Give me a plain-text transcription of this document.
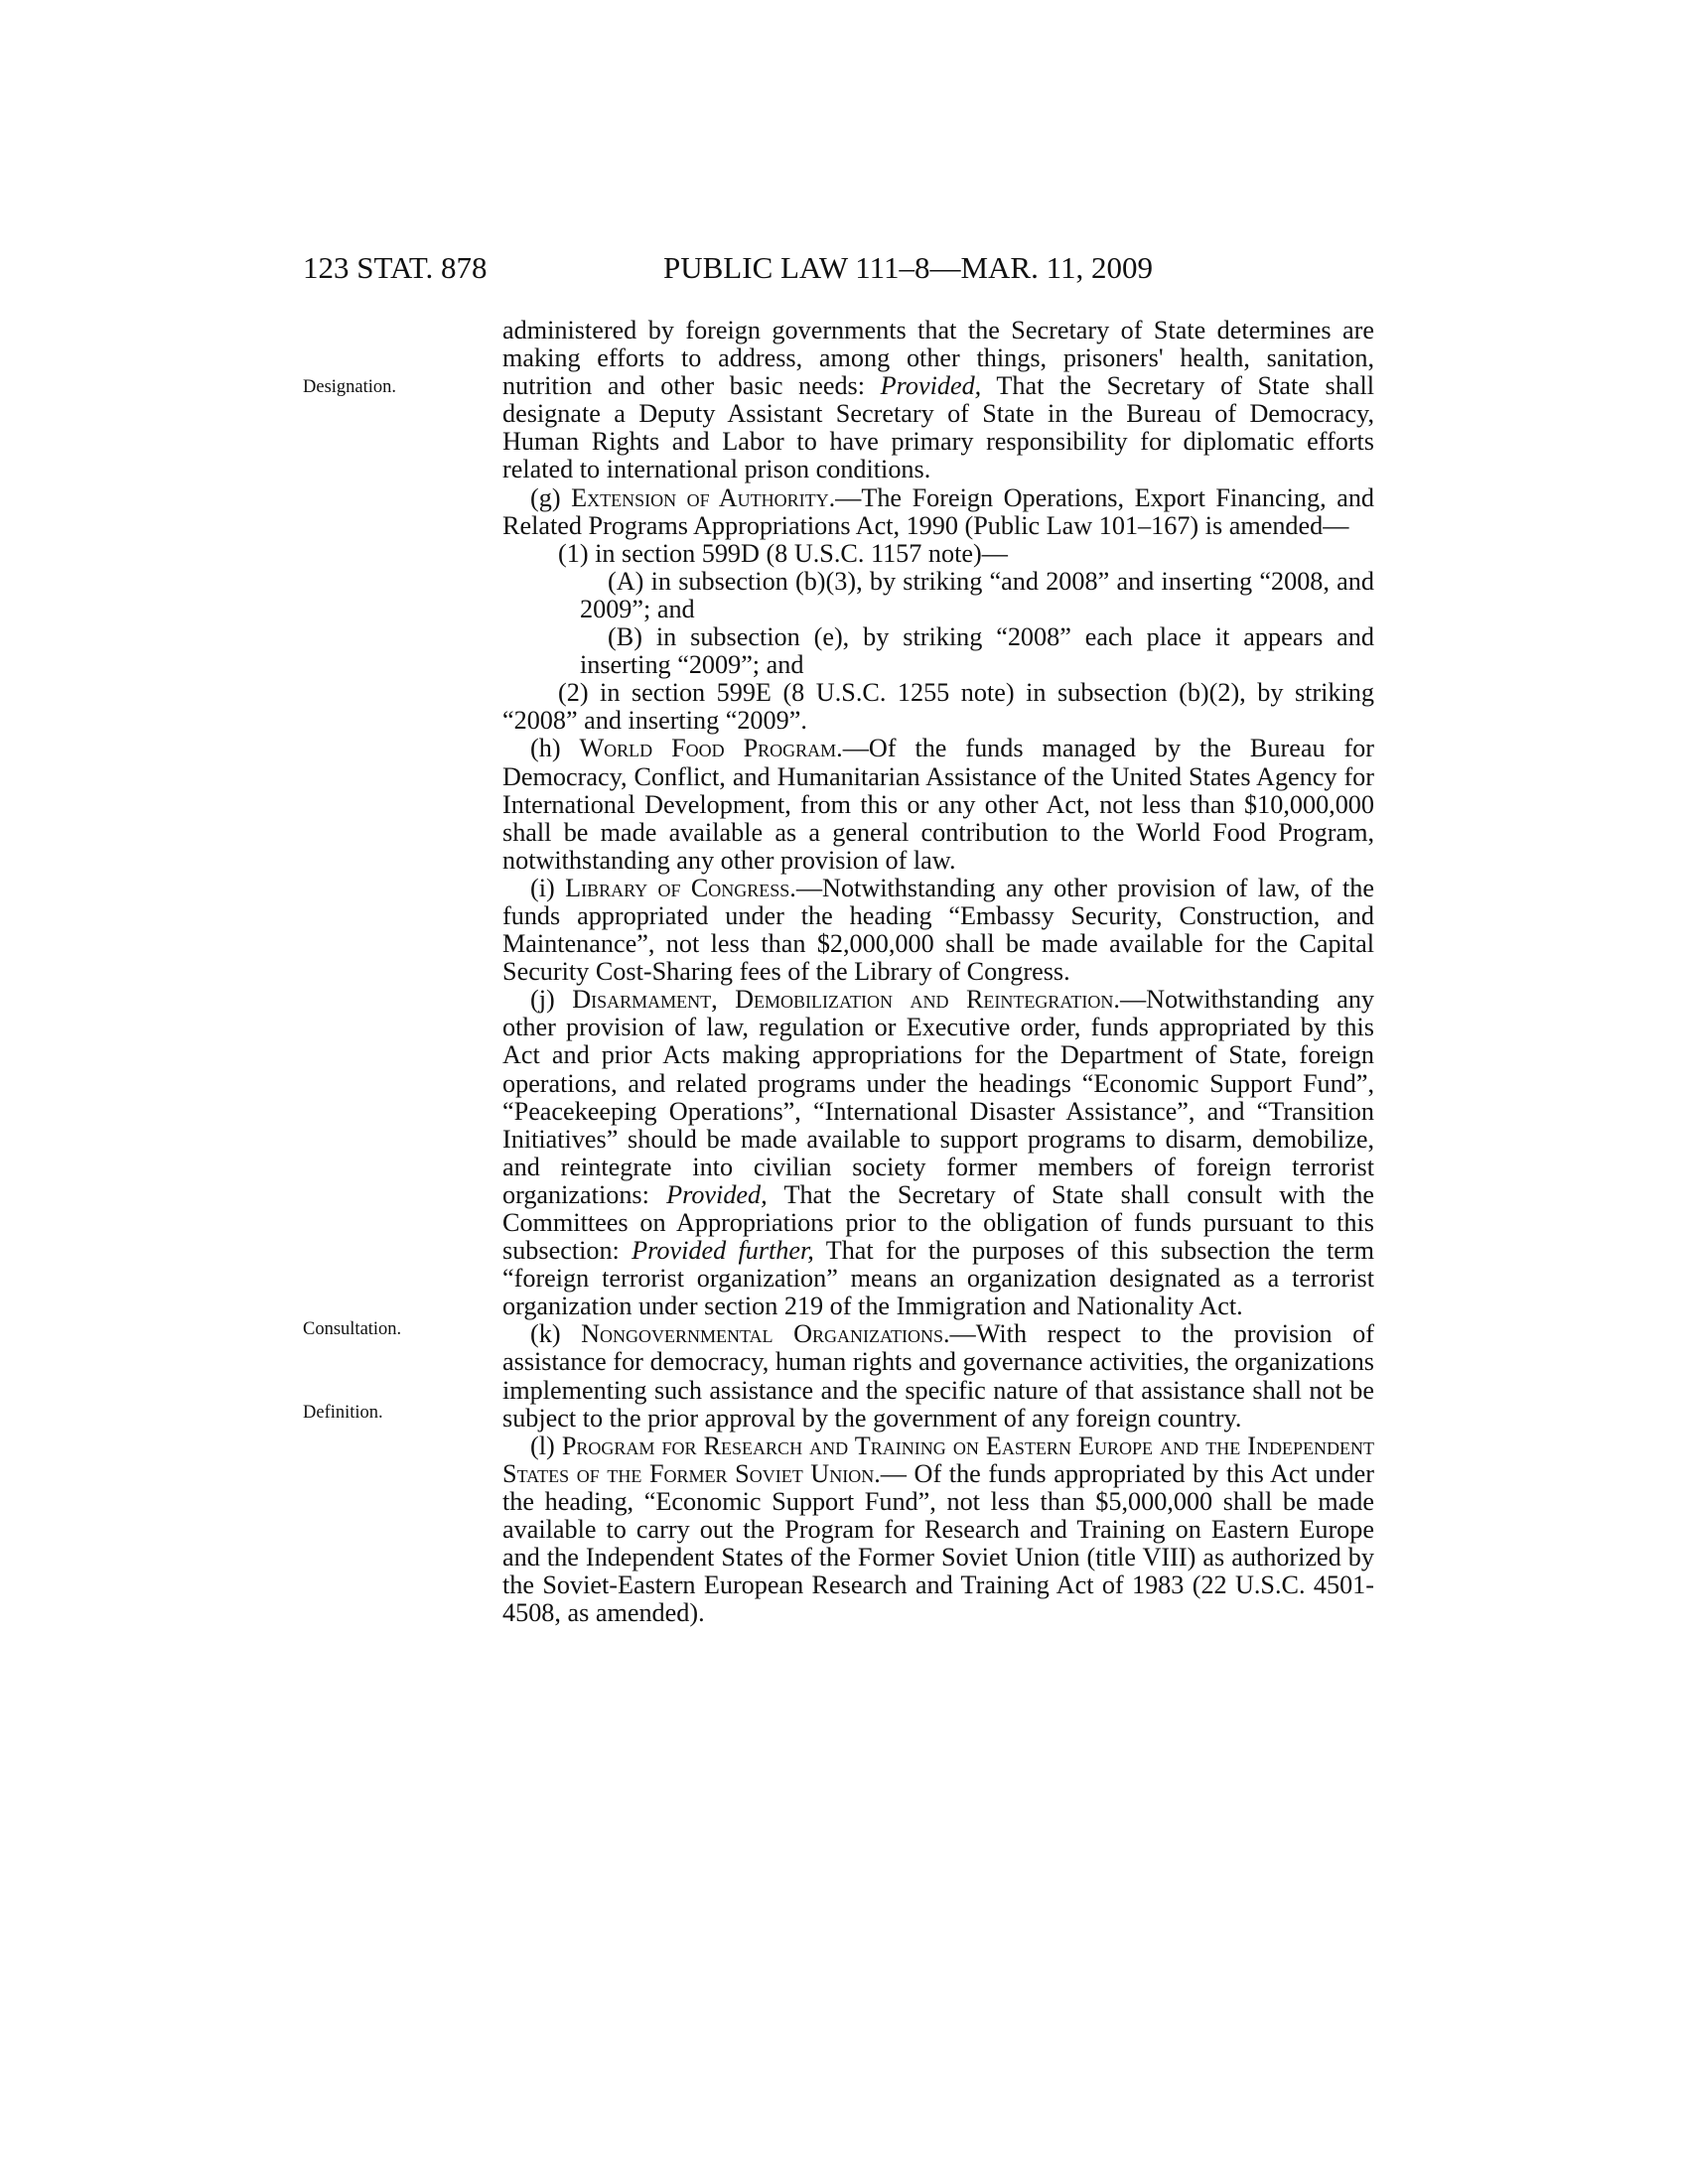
123 STAT. 878	PUBLIC LAW 111–8—MAR. 11, 2009
Designation.
Consultation.
Definition.

administered by foreign governments that the Secretary of State determines are making efforts to address, among other things, prisoners' health, sanitation, nutrition and other basic needs: Provided, That the Secretary of State shall designate a Deputy Assistant Secretary of State in the Bureau of Democracy, Human Rights and Labor to have primary responsibility for diplomatic efforts related to international prison conditions.

(g) Extension of Authority.—The Foreign Operations, Export Financing, and Related Programs Appropriations Act, 1990 (Public Law 101–167) is amended—

(1) in section 599D (8 U.S.C. 1157 note)—

(A) in subsection (b)(3), by striking “and 2008” and inserting “2008, and 2009”; and

(B) in subsection (e), by striking “2008” each place it appears and inserting “2009”; and

(2) in section 599E (8 U.S.C. 1255 note) in subsection (b)(2), by striking “2008” and inserting “2009”.

(h) World Food Program.—Of the funds managed by the Bureau for Democracy, Conflict, and Humanitarian Assistance of the United States Agency for International Development, from this or any other Act, not less than $10,000,000 shall be made available as a general contribution to the World Food Program, notwithstanding any other provision of law.

(i) Library of Congress.—Notwithstanding any other provision of law, of the funds appropriated under the heading “Embassy Security, Construction, and Maintenance”, not less than $2,000,000 shall be made available for the Capital Security Cost-Sharing fees of the Library of Congress.

(j) Disarmament, Demobilization and Reintegration.—Notwithstanding any other provision of law, regulation or Executive order, funds appropriated by this Act and prior Acts making appropriations for the Department of State, foreign operations, and related programs under the headings “Economic Support Fund”, “Peacekeeping Operations”, “International Disaster Assistance”, and “Transition Initiatives” should be made available to support programs to disarm, demobilize, and reintegrate into civilian society former members of foreign terrorist organizations: Provided, That the Secretary of State shall consult with the Committees on Appropriations prior to the obligation of funds pursuant to this subsection: Provided further, That for the purposes of this subsection the term “foreign terrorist organization” means an organization designated as a terrorist organization under section 219 of the Immigration and Nationality Act.

(k) Nongovernmental Organizations.—With respect to the provision of assistance for democracy, human rights and governance activities, the organizations implementing such assistance and the specific nature of that assistance shall not be subject to the prior approval by the government of any foreign country.

(l) Program for Research and Training on Eastern Europe and the Independent States of the Former Soviet Union.— Of the funds appropriated by this Act under the heading, “Economic Support Fund”, not less than $5,000,000 shall be made available to carry out the Program for Research and Training on Eastern Europe and the Independent States of the Former Soviet Union (title VIII) as authorized by the Soviet-Eastern European Research and Training Act of 1983 (22 U.S.C. 4501-4508, as amended).
